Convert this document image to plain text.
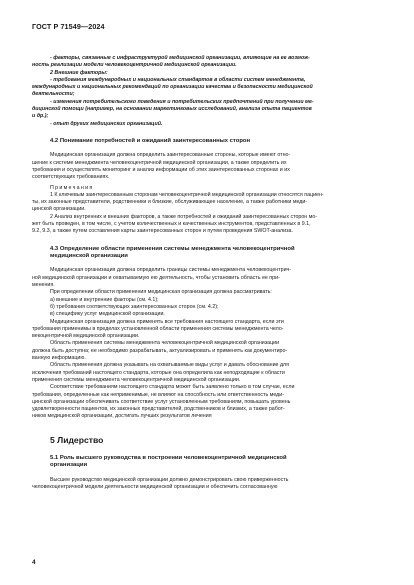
ГОСТ Р 71549—2024

- факторы, связанные с инфраструктурой медицинской организации, влияющие на ее возмож-

ность реализации модели человекоцентричной медицинской организации.

2 Внешние факторы:

- требования международных и национальных стандартов в области систем менеджмента,

международных и национальных рекомендаций по организации качества и безопасности медицинской

деятельности;

- изменения потребительского поведения и потребительских предпочтений при получении ме-

дицинской помощи (например, на основании маркетинговых исследований, анализа опыта пациентов

и др.);

- опыт других медицинских организаций.

4.2 Понимание потребностей и ожиданий заинтересованных сторон

Медицинская организация должна определить заинтересованные стороны, которые имеют отно-

шение к системе менеджмента человекоцентричной медицинской организации, а также определить их

требования и осуществлять мониторинг и анализ информации об этих заинтересованных сторонах и их

соответствующих требованиях.

Примечания

1 К ключевым заинтересованным сторонам человекоцентричной медицинской организации относятся пациен-

ты, их законные представители, родственники и близкие, обслуживающее население, а также работники меди-

цинской организации.

2 Анализ внутренних и внешних факторов, а также потребностей и ожиданий заинтересованных сторон мо-

жет быть проведен, в том числе, с учетом количественных и качественных инструментов, представленных в 9.1,

9.2, 9.3, а также путем составления карты заинтересованных сторон и путем проведения SWOT-анализа.

4.3 Определение области применения системы менеджмента человекоцентричной

медицинской организации

Медицинская организация должна определить границы системы менеджмента человекоцентрич-

ной медицинской организации и охватываемую ею деятельность, чтобы установить область ее при-

менения.

При определении области применения медицинская организация должна рассматривать:

а) внешние и внутренние факторы (см. 4.1);

б) требования соответствующих заинтересованных сторон (см. 4.2);

в) специфику услуг медицинской организации.

Медицинская организация должна применять все требования настоящего стандарта, если эти

требования применимы в пределах установленной области применения системы менеджмента чело-

векоцентричной медицинской организации.

Область применения системы менеджмента человекоцентричной медицинской организации

должна быть доступна; ее необходимо разрабатывать, актуализировать и применять как документиро-

ванную информацию.

Область применения должна указывать на охватываемые виды услуг и давать обоснование для

исключения требований настоящего стандарта, которые она определила как неподходящие к области

применения системы менеджмента человекоцентричной медицинской организации.

Соответствие требованиям настоящего стандарта может быть заявлено только в том случае, если

требования, определенные как неприменимые, не влияют на способность или ответственность меди-

цинской организации обеспечивать соответствие услуг установленным требованиям, повышать уровень

удовлетворенности пациентов, их законных представителей, родственников и близких, а также работ-

ников медицинской организации, достигать лучших результатов лечения

5 Лидерство

5.1 Роль высшего руководства в построении человекоцентричной медицинской

организации

Высшее руководство медицинской организации должно демонстрировать свою приверженность

человекоцентричной модели деятельности медицинской организации и обеспечить согласованную

4
